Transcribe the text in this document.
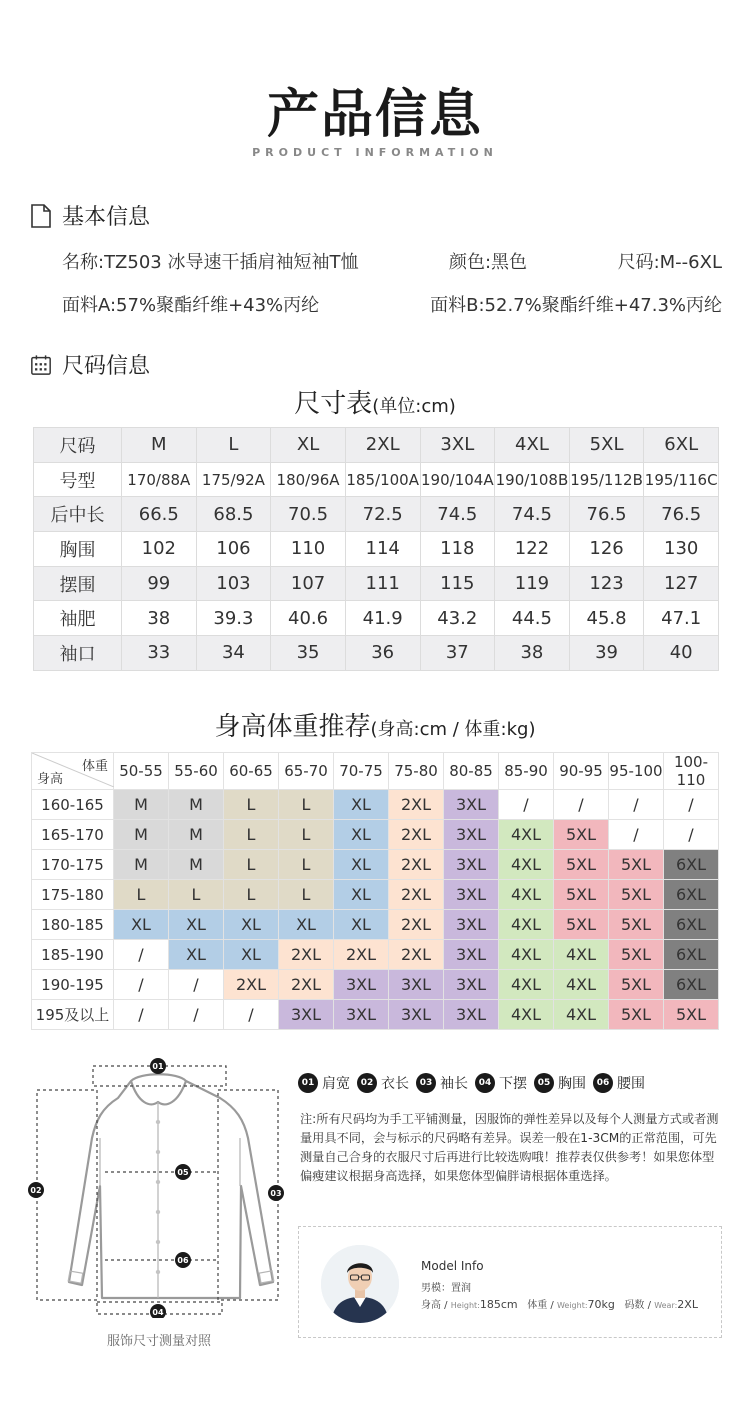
产品信息
PRODUCT INFORMATION
基本信息
名称:TZ503 冰导速干插肩袖短袖T恤	颜色:黑色	尺码:M--6XL
面料A:57%聚酯纤维+43%丙纶	面料B:52.7%聚酯纤维+47.3%丙纶
尺码信息
尺寸表(单位:cm)
尺码	M	L	XL	2XL	3XL	4XL	5XL	6XL
号型	170/88A	175/92A	180/96A	185/100A	190/104A	190/108B	195/112B	195/116C
后中长	66.5	68.5	70.5	72.5	74.5	74.5	76.5	76.5
胸围	102	106	110	114	118	122	126	130
摆围	99	103	107	111	115	119	123	127
袖肥	38	39.3	40.6	41.9	43.2	44.5	45.8	47.1
袖口	33	34	35	36	37	38	39	40
身高体重推荐(身高:cm / 体重:kg)
体重
身高	50-55	55-60	60-65	65-70	70-75	75-80	80-85	85-90	90-95	95-100	100-110
160-165	M	M	L	L	XL	2XL	3XL	/	/	/	/
165-170	M	M	L	L	XL	2XL	3XL	4XL	5XL	/	/
170-175	M	M	L	L	XL	2XL	3XL	4XL	5XL	5XL	6XL
175-180	L	L	L	L	XL	2XL	3XL	4XL	5XL	5XL	6XL
180-185	XL	XL	XL	XL	XL	2XL	3XL	4XL	5XL	5XL	6XL
185-190	/	XL	XL	2XL	2XL	2XL	3XL	4XL	4XL	5XL	6XL
190-195	/	/	2XL	2XL	3XL	3XL	3XL	4XL	4XL	5XL	6XL
195及以上	/	/	/	3XL	3XL	3XL	3XL	4XL	4XL	5XL	5XL
01
02	03
04
05
06
服饰尺寸测量对照
01 肩宽	02 衣长	03 袖长	04 下摆	05 胸围	06 腰围
注:所有尺码均为手工平铺测量，因服饰的弹性差异以及每个人测量方式或者测量用具不同，会与标示的尺码略有差异。误差一般在1-3CM的正常范围，可先测量自己合身的衣服尺寸后再进行比较选购哦！推荐表仅供参考！如果您体型偏瘦建议根据身高选择，如果您体型偏胖请根据体重选择。
Model Info
男模：置润
身高 / Height:185cm 体重 / Weight:70kg 码数 / Wear:2XL
